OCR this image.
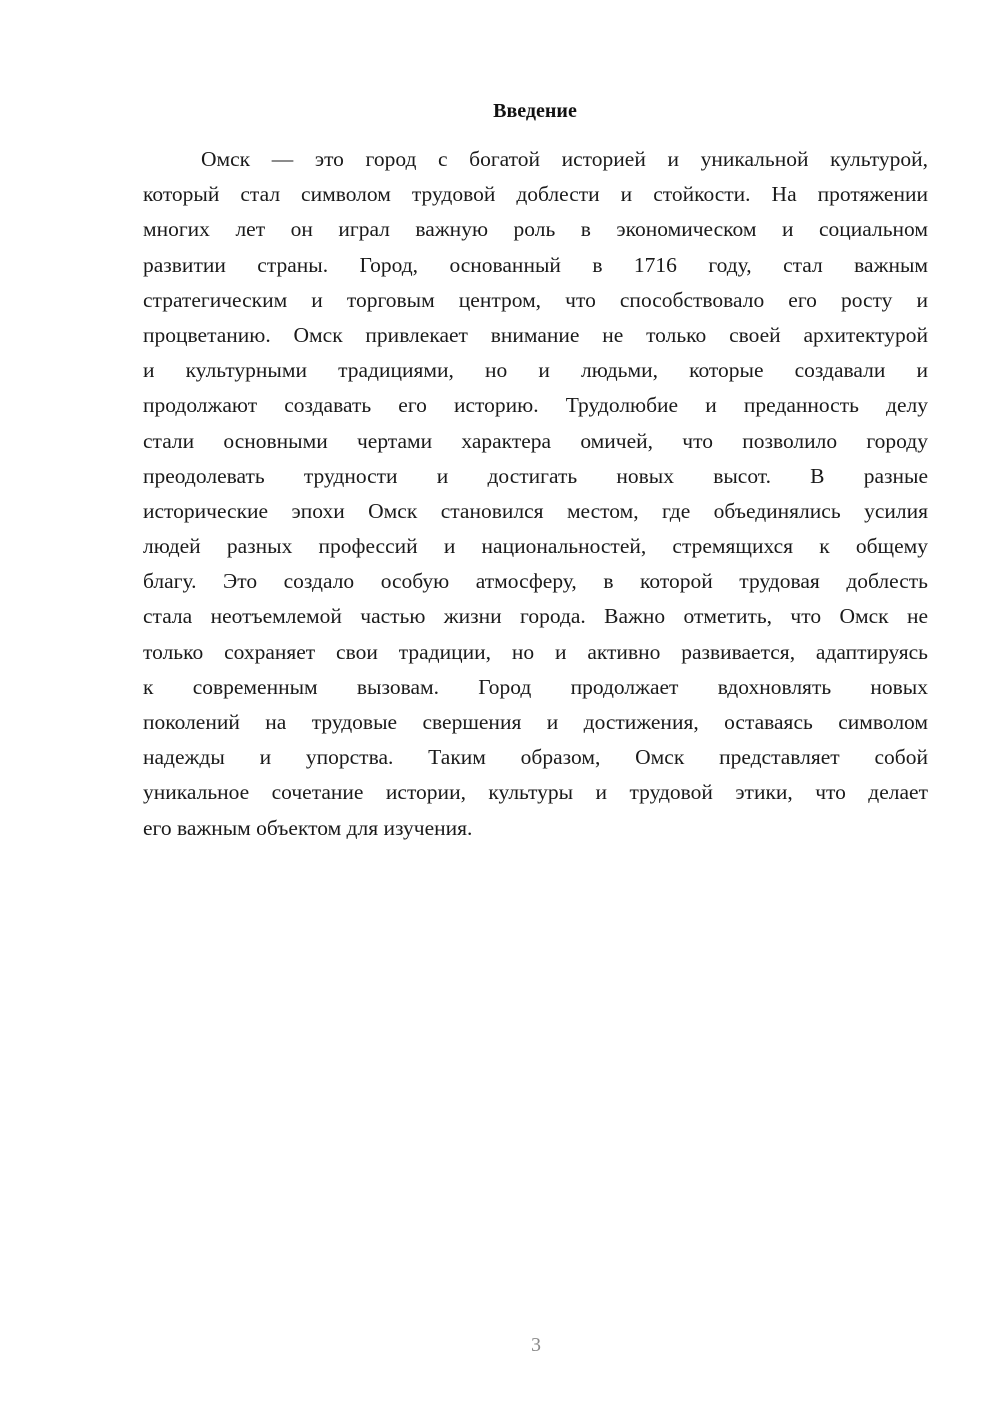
Введение
Омск — это город с богатой историей и уникальной культурой,
который стал символом трудовой доблести и стойкости. На протяжении
многих лет он играл важную роль в экономическом и социальном
развитии страны. Город, основанный в 1716 году, стал важным
стратегическим и торговым центром, что способствовало его росту и
процветанию. Омск привлекает внимание не только своей архитектурой
и культурными традициями, но и людьми, которые создавали и
продолжают создавать его историю. Трудолюбие и преданность делу
стали основными чертами характера омичей, что позволило городу
преодолевать трудности и достигать новых высот. В разные
исторические эпохи Омск становился местом, где объединялись усилия
людей разных профессий и национальностей, стремящихся к общему
благу. Это создало особую атмосферу, в которой трудовая доблесть
стала неотъемлемой частью жизни города. Важно отметить, что Омск не
только сохраняет свои традиции, но и активно развивается, адаптируясь
к современным вызовам. Город продолжает вдохновлять новых
поколений на трудовые свершения и достижения, оставаясь символом
надежды и упорства. Таким образом, Омск представляет собой
уникальное сочетание истории, культуры и трудовой этики, что делает
его важным объектом для изучения.
3
